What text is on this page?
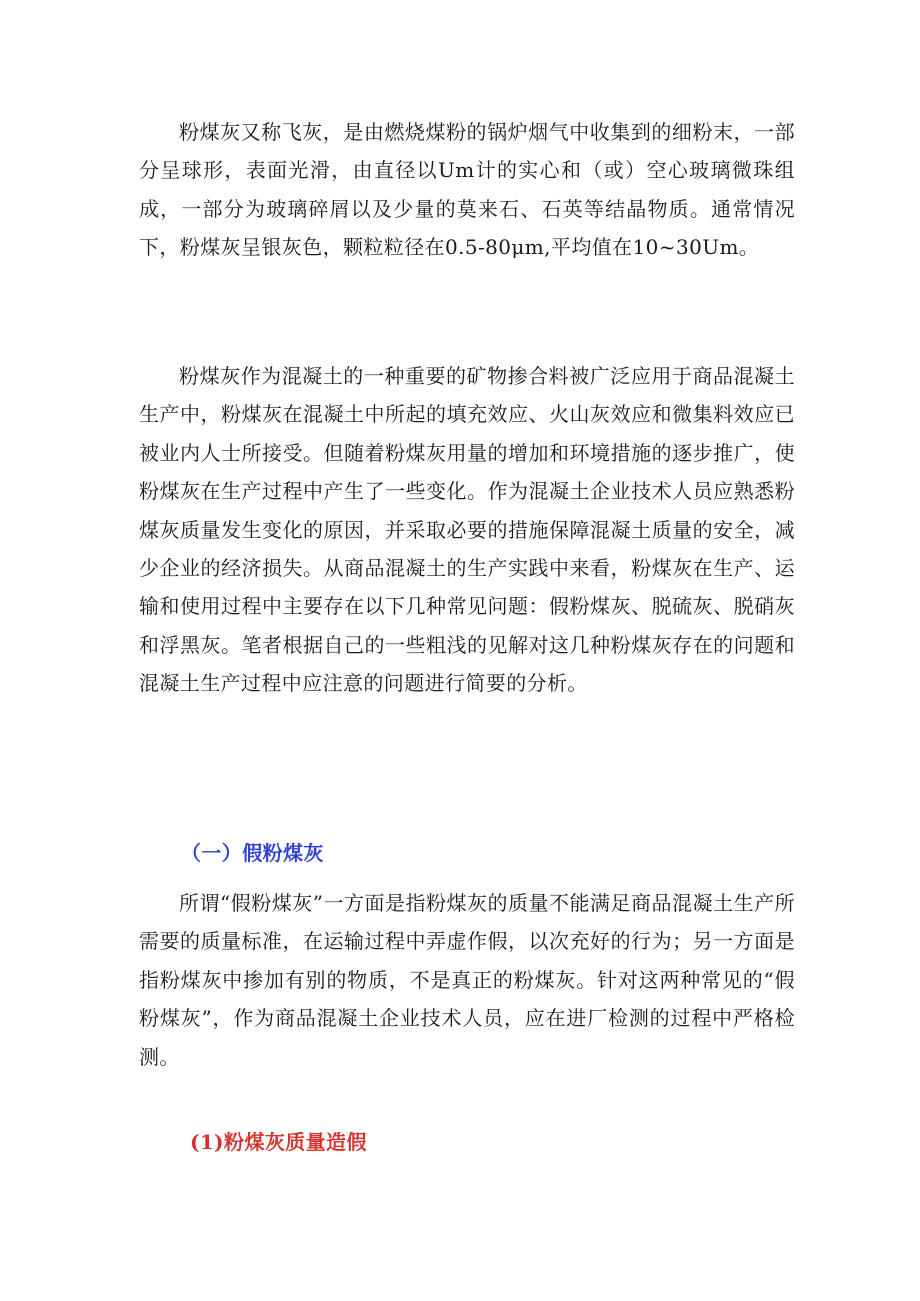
粉煤灰又称飞灰，是由燃烧煤粉的锅炉烟气中收集到的细粉末，一部分呈球形，表面光滑，由直径以Um计的实心和（或）空心玻璃微珠组成，一部分为玻璃碎屑以及少量的莫来石、石英等结晶物质。通常情况下，粉煤灰呈银灰色，颗粒粒径在0.5-80μm,平均值在10~30Um。

粉煤灰作为混凝土的一种重要的矿物掺合料被广泛应用于商品混凝土生产中，粉煤灰在混凝土中所起的填充效应、火山灰效应和微集料效应已被业内人士所接受。但随着粉煤灰用量的增加和环境措施的逐步推广，使粉煤灰在生产过程中产生了一些变化。作为混凝土企业技术人员应熟悉粉煤灰质量发生变化的原因，并采取必要的措施保障混凝土质量的安全，减少企业的经济损失。从商品混凝土的生产实践中来看，粉煤灰在生产、运输和使用过程中主要存在以下几种常见问题：假粉煤灰、脱硫灰、脱硝灰和浮黑灰。笔者根据自己的一些粗浅的见解对这几种粉煤灰存在的问题和混凝土生产过程中应注意的问题进行简要的分析。

（一）假粉煤灰

所谓“假粉煤灰”一方面是指粉煤灰的质量不能满足商品混凝土生产所需要的质量标准，在运输过程中弄虚作假，以次充好的行为；另一方面是指粉煤灰中掺加有别的物质，不是真正的粉煤灰。针对这两种常见的“假粉煤灰”，作为商品混凝土企业技术人员，应在进厂检测的过程中严格检测。

(1)粉煤灰质量造假
